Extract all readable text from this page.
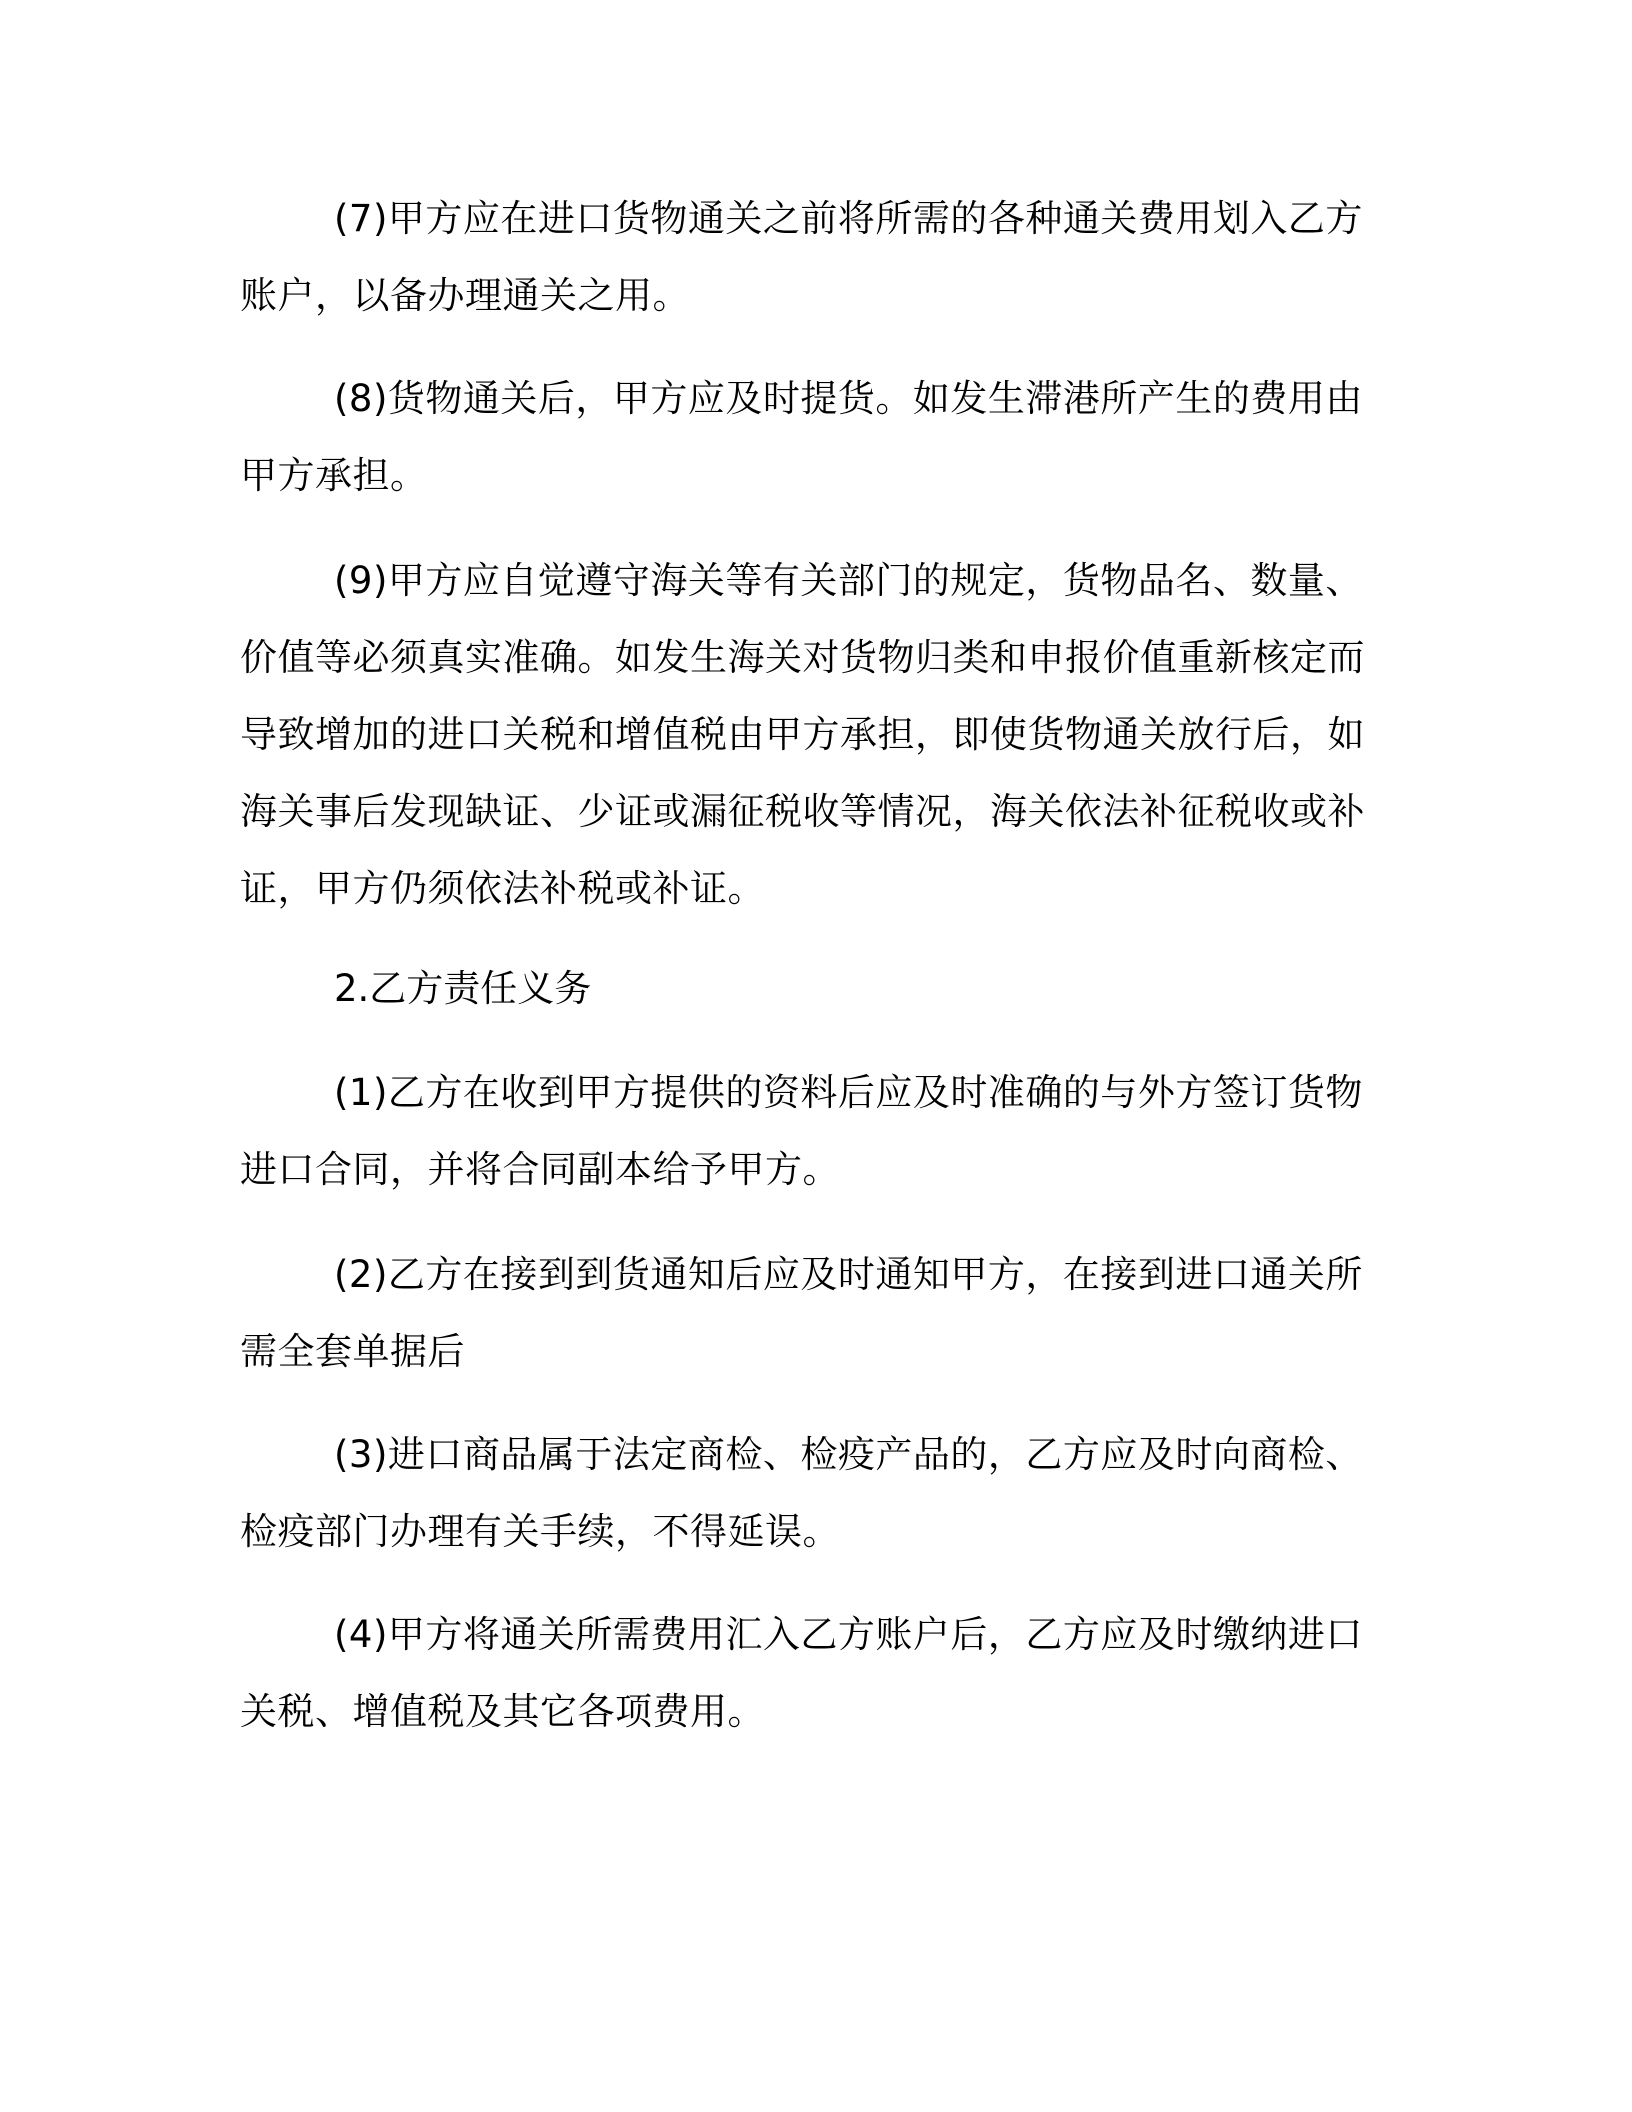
(7)甲方应在进口货物通关之前将所需的各种通关费用划入乙方账户，以备办理通关之用。

(8)货物通关后，甲方应及时提货。如发生滞港所产生的费用由甲方承担。

(9)甲方应自觉遵守海关等有关部门的规定，货物品名、数量、价值等必须真实准确。如发生海关对货物归类和申报价值重新核定而导致增加的进口关税和增值税由甲方承担，即使货物通关放行后，如海关事后发现缺证、少证或漏征税收等情况，海关依法补征税收或补证，甲方仍须依法补税或补证。

2.乙方责任义务

(1)乙方在收到甲方提供的资料后应及时准确的与外方签订货物进口合同，并将合同副本给予甲方。

(2)乙方在接到到货通知后应及时通知甲方，在接到进口通关所需全套单据后

(3)进口商品属于法定商检、检疫产品的，乙方应及时向商检、检疫部门办理有关手续，不得延误。

(4)甲方将通关所需费用汇入乙方账户后，乙方应及时缴纳进口关税、增值税及其它各项费用。
